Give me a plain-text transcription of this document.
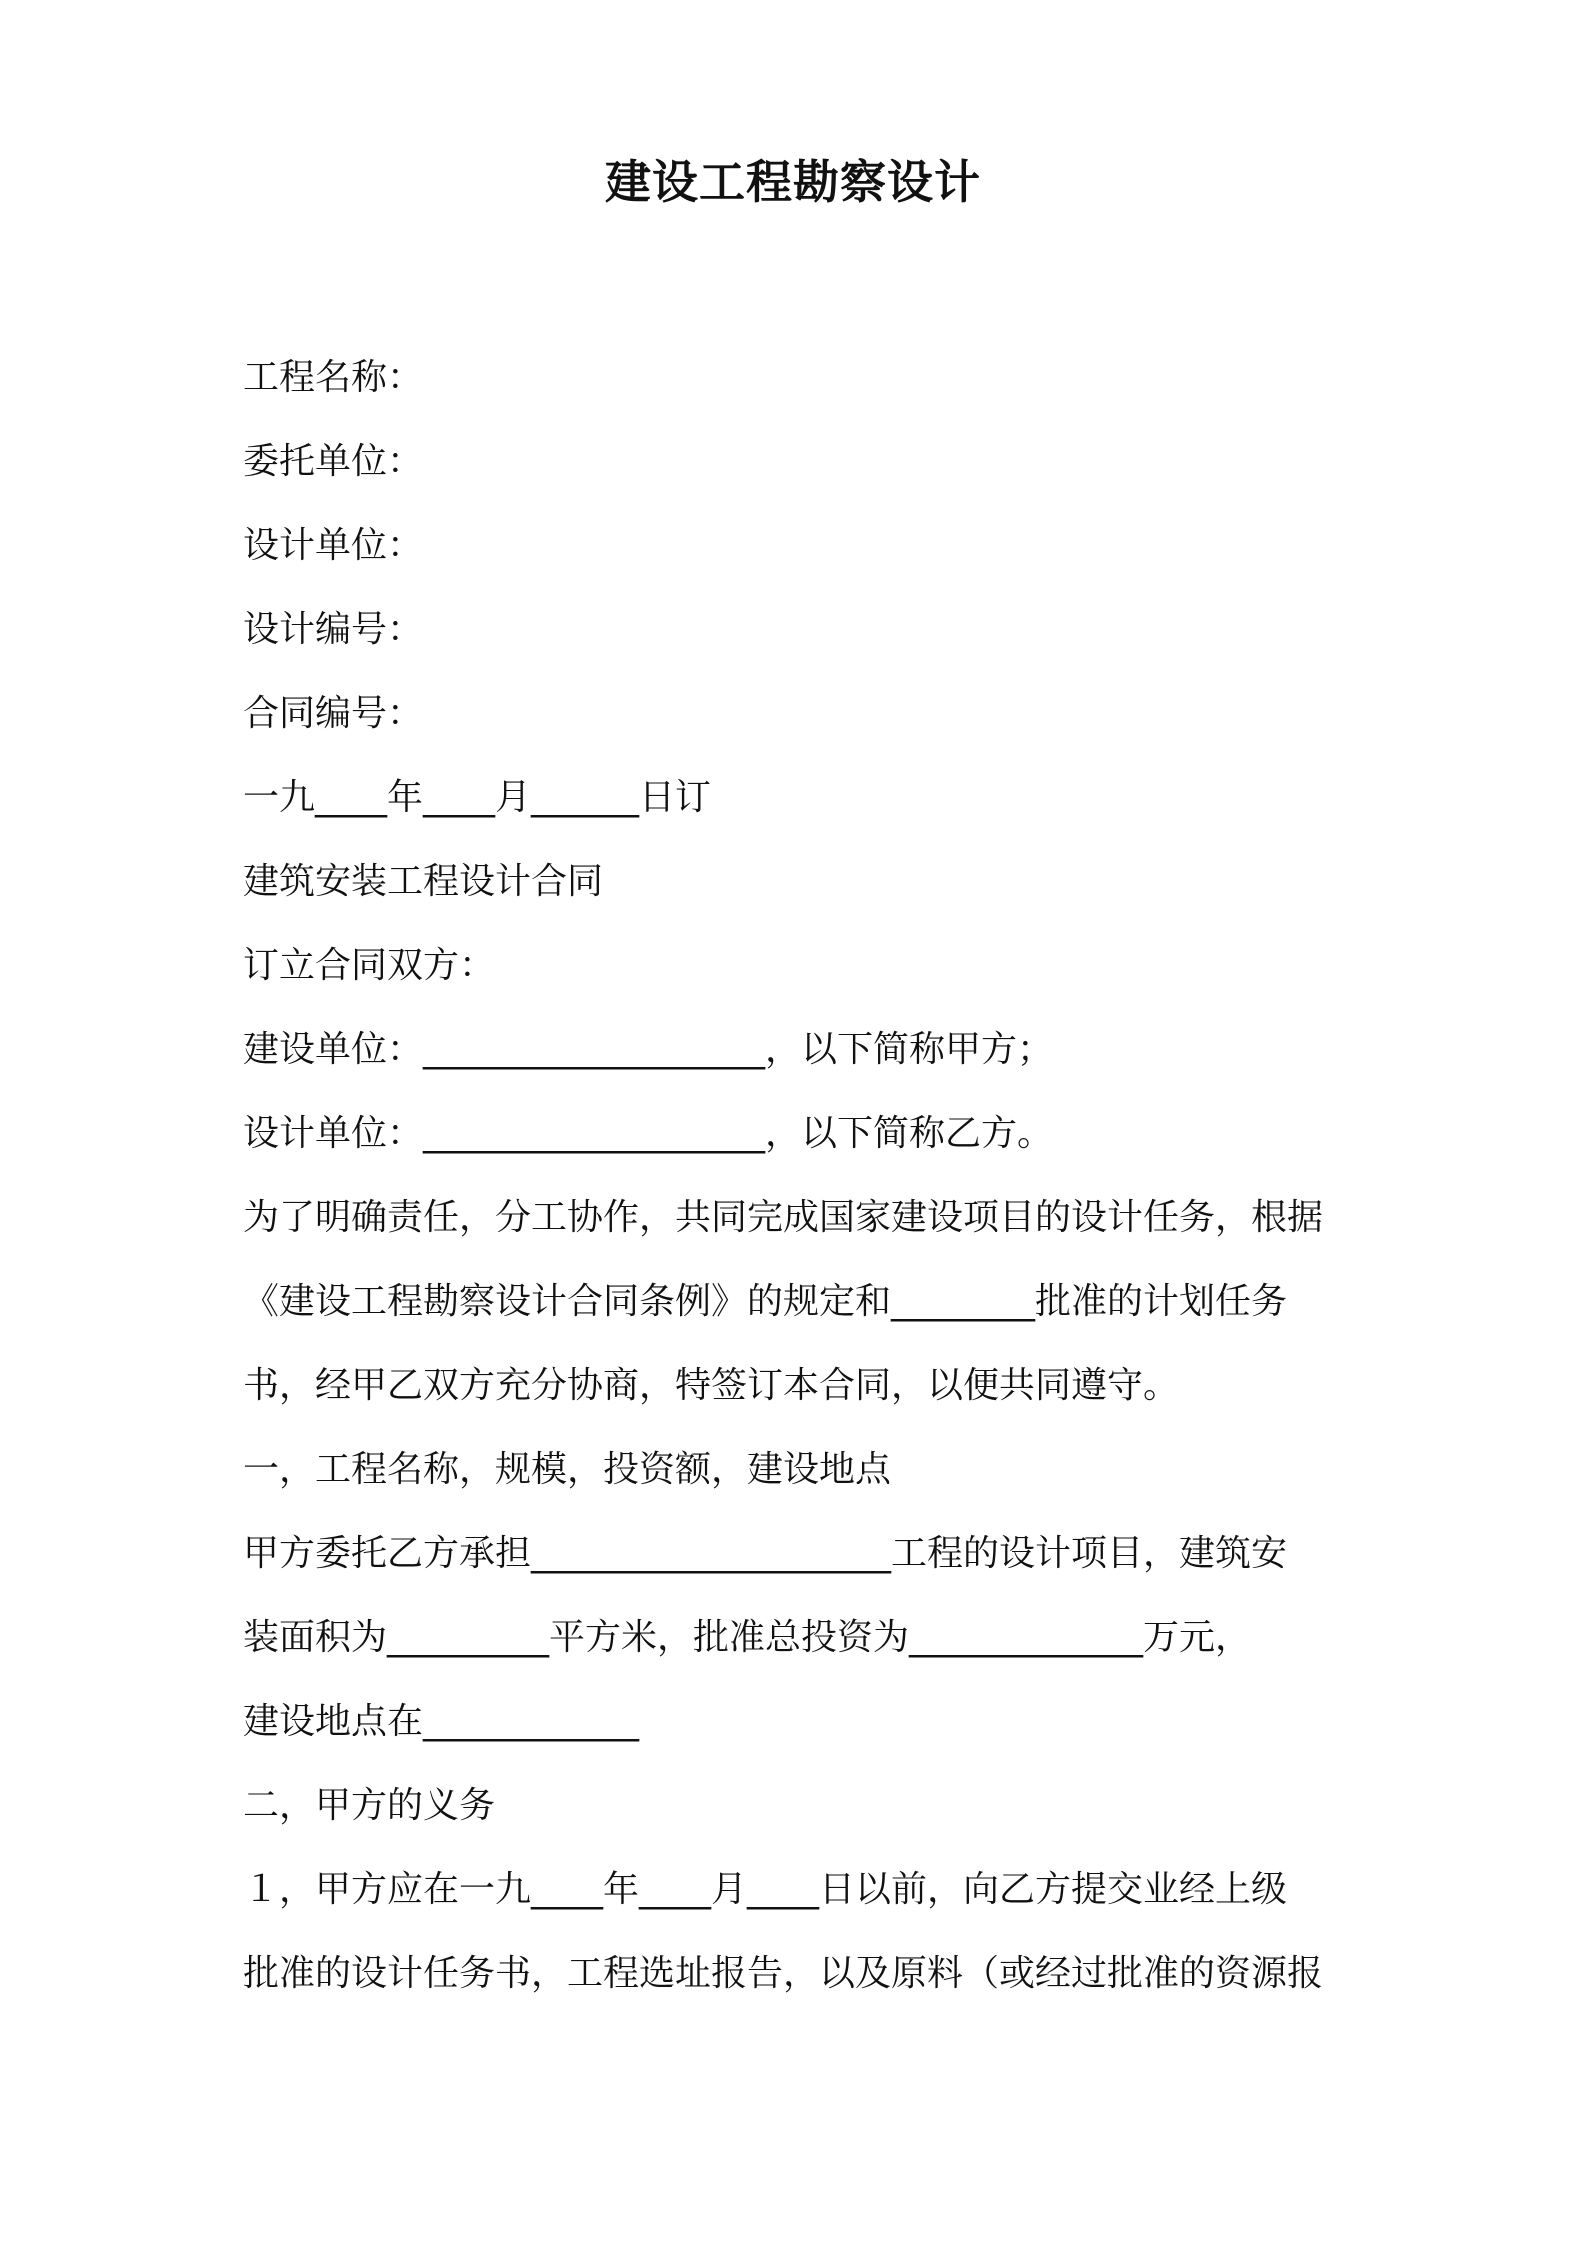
建设工程勘察设计
工程名称：
委托单位：
设计单位：
设计编号：
合同编号：
一九____年____月______日订
建筑安装工程设计合同
订立合同双方：
建设单位：___________________，以下简称甲方；
设计单位：___________________，以下简称乙方。
为了明确责任，分工协作，共同完成国家建设项目的设计任务，根据
《建设工程勘察设计合同条例》的规定和________批准的计划任务
书，经甲乙双方充分协商，特签订本合同，以便共同遵守。
一，工程名称，规模，投资额，建设地点
甲方委托乙方承担____________________工程的设计项目，建筑安
装面积为_________平方米，批准总投资为_____________万元，
建设地点在____________
二，甲方的义务
１，甲方应在一九____年____月____日以前，向乙方提交业经上级
批准的设计任务书，工程选址报告，以及原料（或经过批准的资源报
